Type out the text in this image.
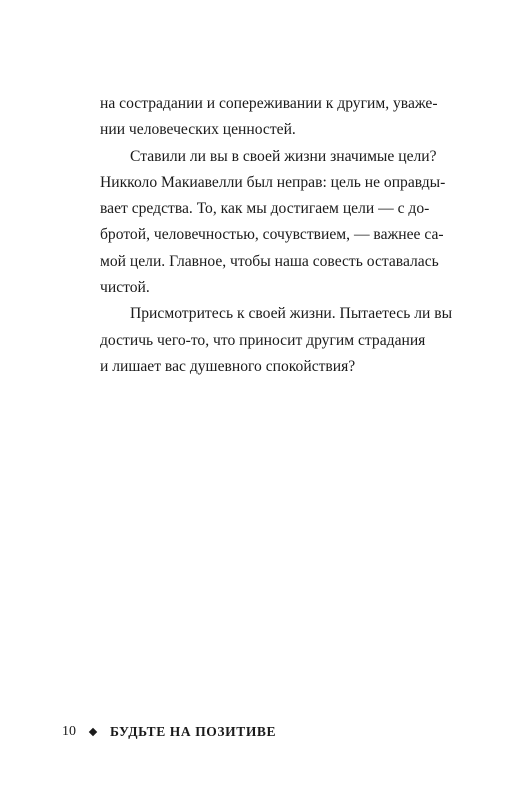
на сострадании и сопереживании к другим, уваже-
нии человеческих ценностей.
Ставили ли вы в своей жизни значимые цели?
Никколо Макиавелли был неправ: цель не оправды-
вает средства. То, как мы достигаем цели — с до-
бротой, человечностью, сочувствием, — важнее са-
мой цели. Главное, чтобы наша совесть оставалась
чистой.
Присмотритесь к своей жизни. Пытаетесь ли вы
достичь чего-то, что приносит другим страдания
и лишает вас душевного спокойствия?
10	БУДЬТЕ НА ПОЗИТИВЕ
